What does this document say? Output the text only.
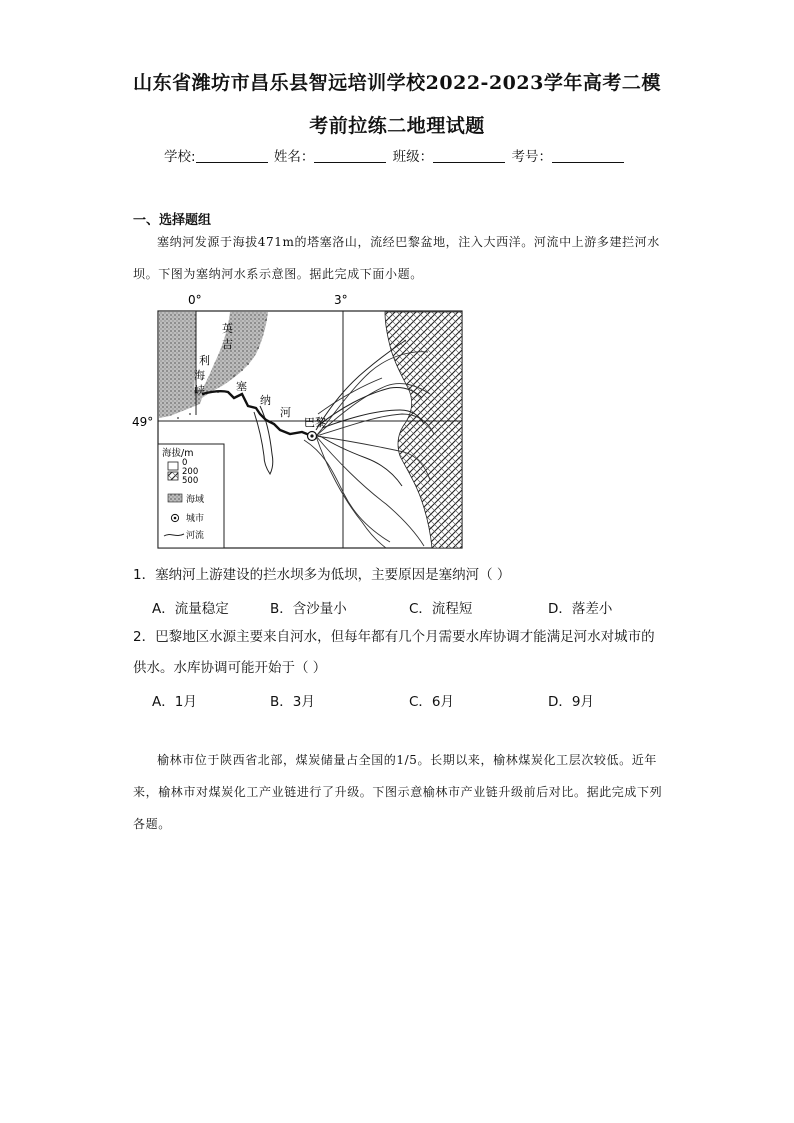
山东省潍坊市昌乐县智远培训学校2022-2023学年高考二模
考前拉练二地理试题
学校:	姓名：	班级：	考号：
一、选择题组
塞纳河发源于海拔471m的塔塞洛山，流经巴黎盆地，注入大西洋。河流中上游多建拦河水坝。下图为塞纳河水系示意图。据此完成下面小题。
巴黎
英
吉
利
海
峡	塞
纳
河
0°	3°
49°
海拔/m
0
200
500
海域
城市
河流
1．塞纳河上游建设的拦水坝多为低坝，主要原因是塞纳河（ ）
A．流量稳定	B．含沙量小	C．流程短	D．落差小
2．巴黎地区水源主要来自河水，但每年都有几个月需要水库协调才能满足河水对城市的供水。水库协调可能开始于（ ）
A．1月	B．3月	C．6月	D．9月
榆林市位于陕西省北部，煤炭储量占全国的1/5。长期以来，榆林煤炭化工层次较低。近年来，榆林市对煤炭化工产业链进行了升级。下图示意榆林市产业链升级前后对比。据此完成下列各题。
